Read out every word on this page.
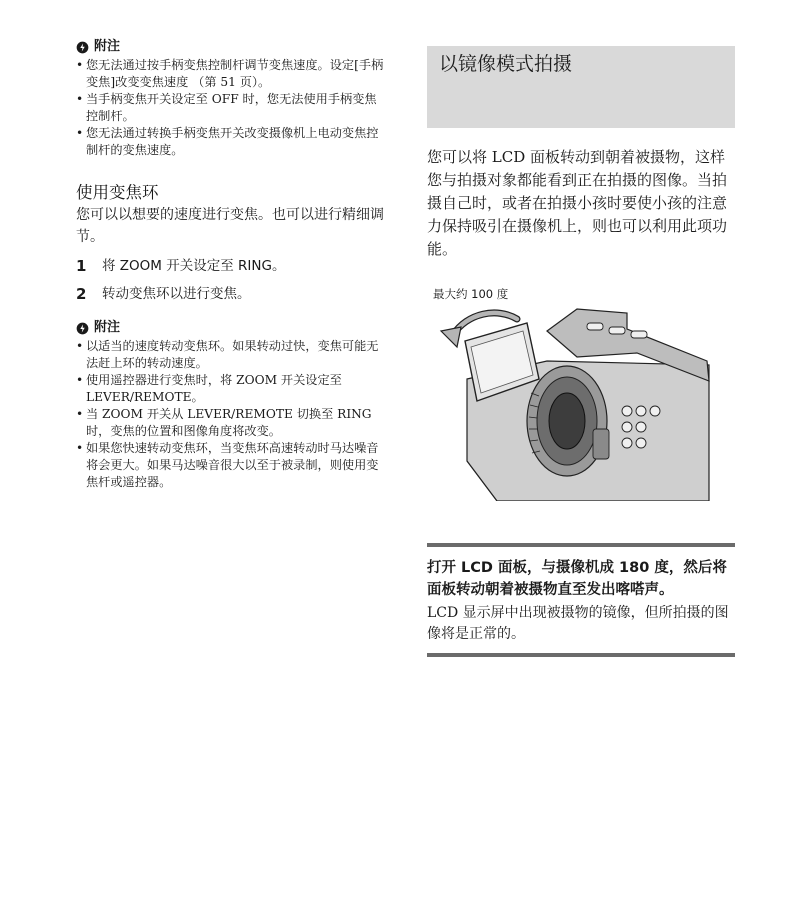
附注
• 您无法通过按手柄变焦控制杆调节变焦速度。设定[手柄变焦]改变变焦速度 （第 51 页）。
• 当手柄变焦开关设定至 OFF 时，您无法使用手柄变焦控制杆。
• 您无法通过转换手柄变焦开关改变摄像机上电动变焦控制杆的变焦速度。
使用变焦环

您可以以想要的速度进行变焦。也可以进行精细调节。

1	将 ZOOM 开关设定至 RING。
2	转动变焦环以进行变焦。
附注
• 以适当的速度转动变焦环。如果转动过快，变焦可能无法赶上环的转动速度。
• 使用遥控器进行变焦时，将 ZOOM 开关设定至 LEVER/REMOTE。
• 当 ZOOM 开关从 LEVER/REMOTE 切换至 RING 时，变焦的位置和图像角度将改变。
• 如果您快速转动变焦环，当变焦环高速转动时马达噪音将会更大。如果马达噪音很大以至于被录制，则使用变焦杆或遥控器。
以镜像模式拍摄

您可以将 LCD 面板转动到朝着被摄物，这样您与拍摄对象都能看到正在拍摄的图像。当拍摄自己时，或者在拍摄小孩时要使小孩的注意力保持吸引在摄像机上，则也可以利用此项功能。

最大约 100 度

打开 LCD 面板，与摄像机成 180 度，然后将面板转动朝着被摄物直至发出喀嗒声。

LCD 显示屏中出现被摄物的镜像，但所拍摄的图像将是正常的。
